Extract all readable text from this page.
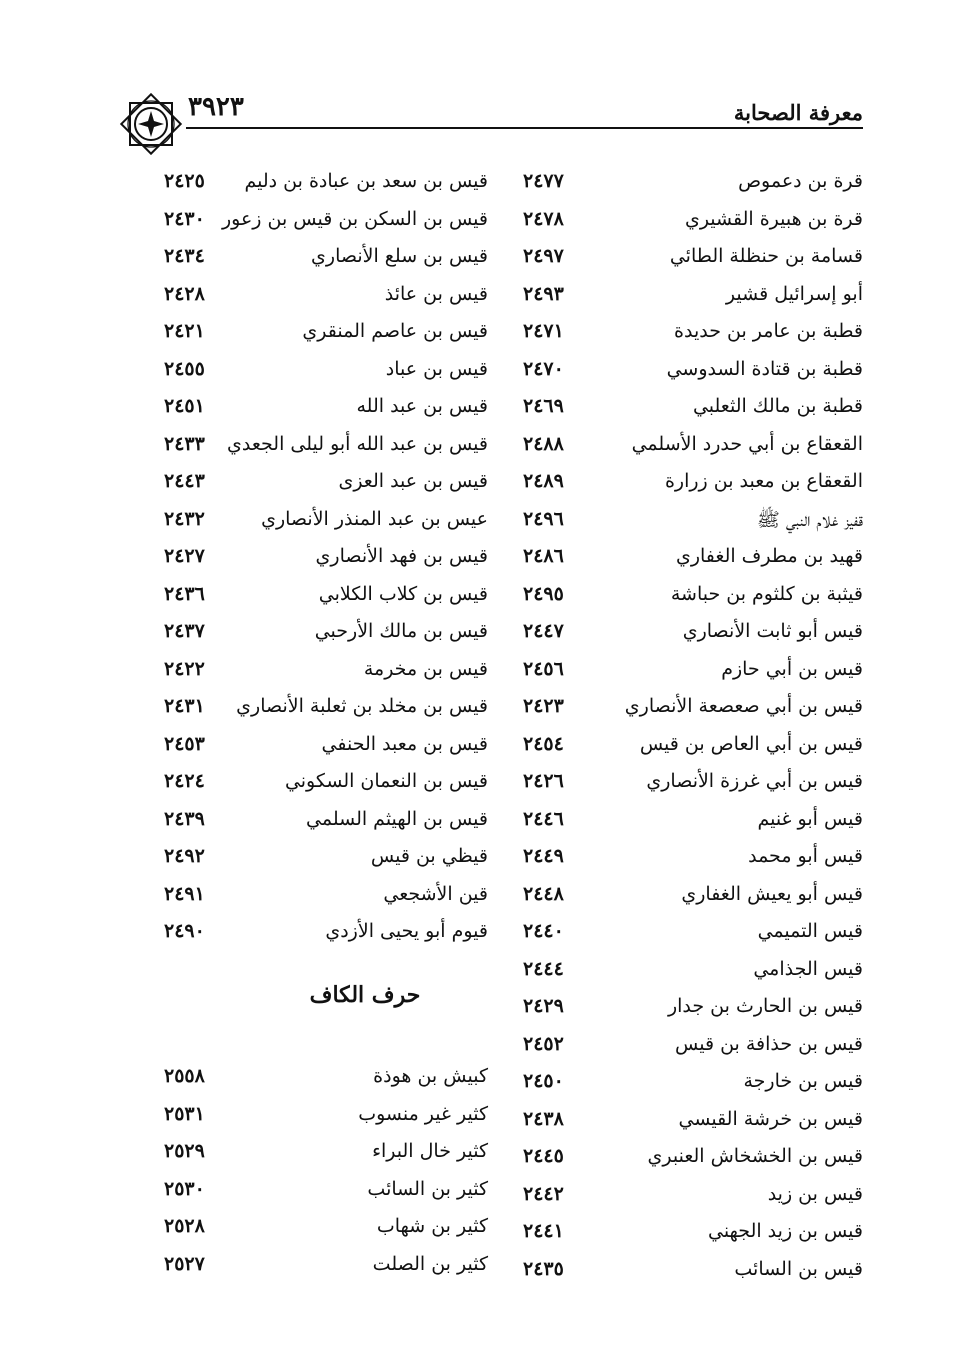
معرفة الصحابة
٣٩٢٣
قرة بن دعموص
٢٤٧٧
قرة بن هبيرة القشيري
٢٤٧٨
قسامة بن حنظلة الطائي
٢٤٩٧
أبو إسرائيل قشير
٢٤٩٣
قطبة بن عامر بن حديدة
٢٤٧١
قطبة بن قتادة السدوسي
٢٤٧٠
قطبة بن مالك الثعلبي
٢٤٦٩
القعقاع بن أبي حدرد الأسلمي
٢٤٨٨
القعقاع بن معبد بن زرارة
٢٤٨٩
قفيز غلام النبي ﷺ
٢٤٩٦
قهيد بن مطرف الغفاري
٢٤٨٦
قيثبة بن كلثوم بن حباشة
٢٤٩٥
قيس أبو ثابت الأنصاري
٢٤٤٧
قيس بن أبي حازم
٢٤٥٦
قيس بن أبي صعصعة الأنصاري
٢٤٢٣
قيس بن أبي العاص بن قيس
٢٤٥٤
قيس بن أبي غرزة الأنصاري
٢٤٢٦
قيس أبو غنيم
٢٤٤٦
قيس أبو محمد
٢٤٤٩
قيس أبو يعيش الغفاري
٢٤٤٨
قيس التميمي
٢٤٤٠
قيس الجذامي
٢٤٤٤
قيس بن الحارث بن جدار
٢٤٢٩
قيس بن حذافة بن قيس
٢٤٥٢
قيس بن خارجة
٢٤٥٠
قيس بن خرشة القيسي
٢٤٣٨
قيس بن الخشخاش العنبري
٢٤٤٥
قيس بن زيد
٢٤٤٢
قيس بن زيد الجهني
٢٤٤١
قيس بن السائب
٢٤٣٥
قيس بن سعد بن عبادة بن دليم
٢٤٢٥
قيس بن السكن بن قيس بن زعور
٢٤٣٠
قيس بن سلع الأنصاري
٢٤٣٤
قيس بن عائذ
٢٤٢٨
قيس بن عاصم المنقري
٢٤٢١
قيس بن عباد
٢٤٥٥
قيس بن عبد الله
٢٤٥١
قيس بن عبد الله أبو ليلى الجعدي
٢٤٣٣
قيس بن عبد العزى
٢٤٤٣
عيس بن عبد المنذر الأنصاري
٢٤٣٢
قيس بن فهد الأنصاري
٢٤٢٧
قيس بن كلاب الكلابي
٢٤٣٦
قيس بن مالك الأرحبي
٢٤٣٧
قيس بن مخرمة
٢٤٢٢
قيس بن مخلد بن ثعلبة الأنصاري
٢٤٣١
قيس بن معبد الحنفي
٢٤٥٣
قيس بن النعمان السكوني
٢٤٢٤
قيس بن الهيثم السلمي
٢٤٣٩
قيظي بن قيس
٢٤٩٢
قين الأشجعي
٢٤٩١
قيوم أبو يحيى الأزدي
٢٤٩٠
حرف الكاف
كبيش بن هوذة
٢٥٥٨
كثير غير منسوب
٢٥٣١
كثير خال البراء
٢٥٢٩
كثير بن السائب
٢٥٣٠
كثير بن شهاب
٢٥٢٨
كثير بن الصلت
٢٥٢٧
